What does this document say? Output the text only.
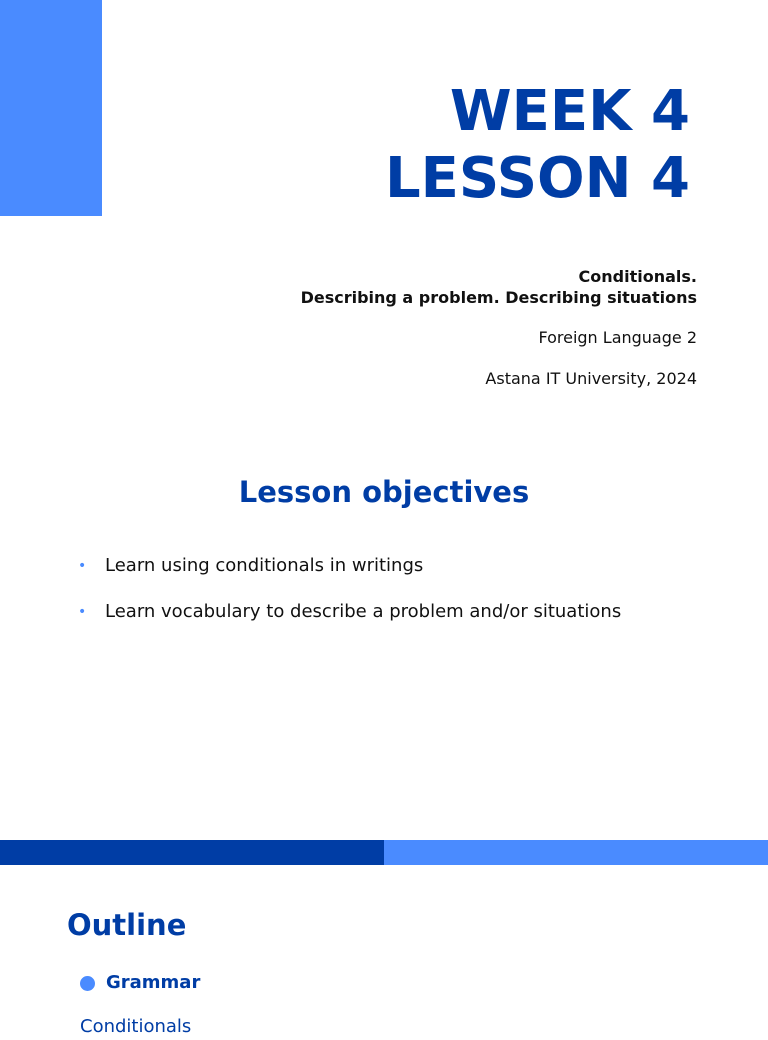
WEEK 4
LESSON 4
Conditionals.
Describing a problem. Describing situations
Foreign Language 2
Astana IT University, 2024
Lesson objectives
• Learn using conditionals in writings
• Learn vocabulary to describe a problem and/or situations
Outline
Grammar
Conditionals
